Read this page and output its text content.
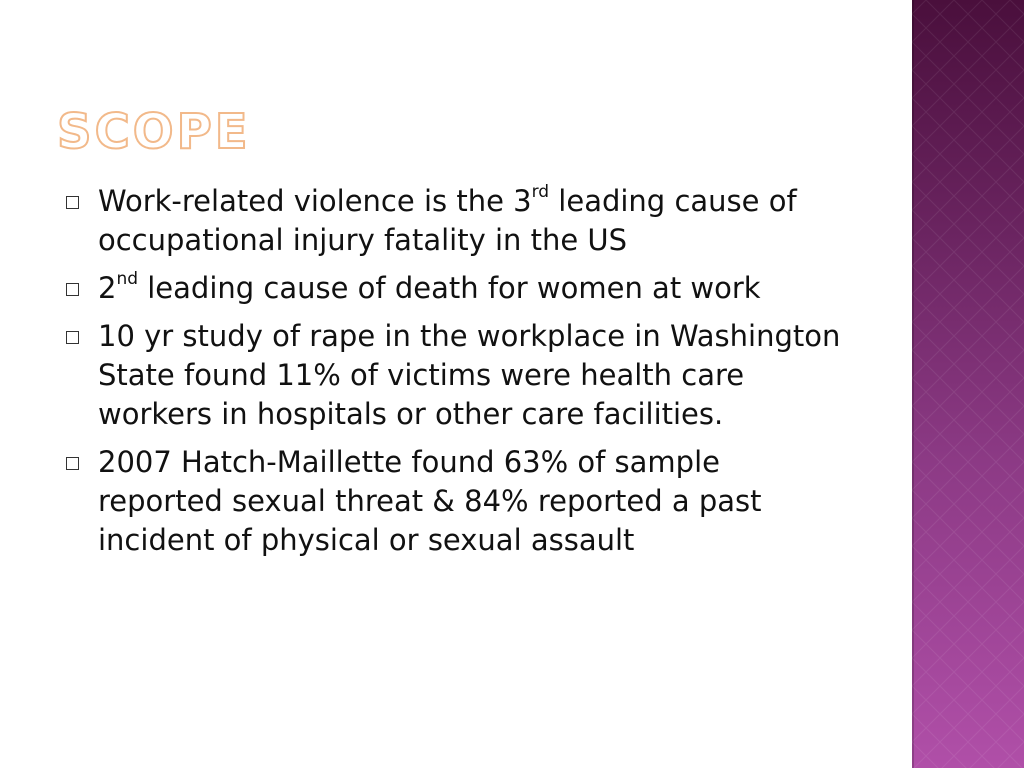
SCOPE
Work-related violence is the 3rd leading cause of occupational injury fatality in the US
2nd leading cause of death for women at work
10 yr study of rape in the workplace in Washington State found 11% of victims were health care workers in hospitals or other care facilities.
2007 Hatch-Maillette found 63% of sample reported sexual threat & 84% reported a past incident of physical or sexual assault
